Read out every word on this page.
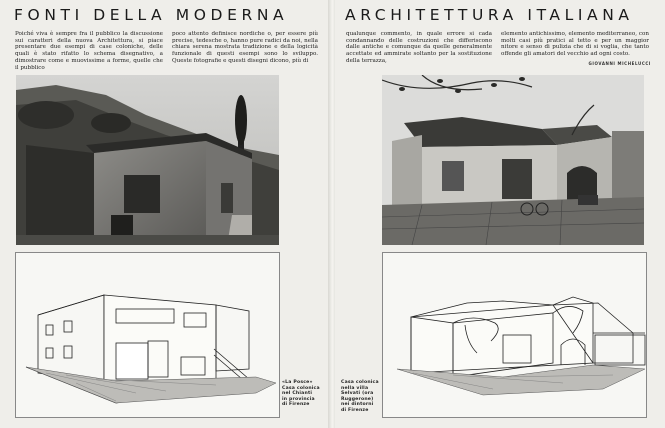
FONTI DELLA MODERNA

Poiché viva è sempre fra il pubblico la discussione sui caratteri della nuova Architettura, si piace presentare due esempi di case coloniche, delle quali è stato rifatto lo schema disegnativo, a dimostrare come e muovissime a forme, quelle che il pubblico

poco attento definisce nordiche o, per essere più precise, tedesche o, hanno pure radici da noi, nella chiara serena mostrata tradizione e della logicità funzionale di questi esempi sono lo sviluppo. Queste fotografie e questi disegni dicono, più di

«La Posce»
Casa colonica
nel Chianti
in provincia
di Firenze
ARCHITETTURA ITALIANA

qualunque commento, in quale errore si cada condannando delle costruzioni che differiscono dalle antiche e comunque da quelle generalmente accettate ed ammirate soltanto per la sostituzione della terrazza,

elemento antichissimo, elemento mediterraneo, con molti casi più pratici al tetto e per un maggior nitore e senso di pulizia che di si voglia, che tanto offende gli amatori del vecchio ad ogni costo.

GIOVANNI MICHELUCCI
Casa colonica
nella villa
Selvati (ora
Ruggerone)
nei dintorni
di Firenze
